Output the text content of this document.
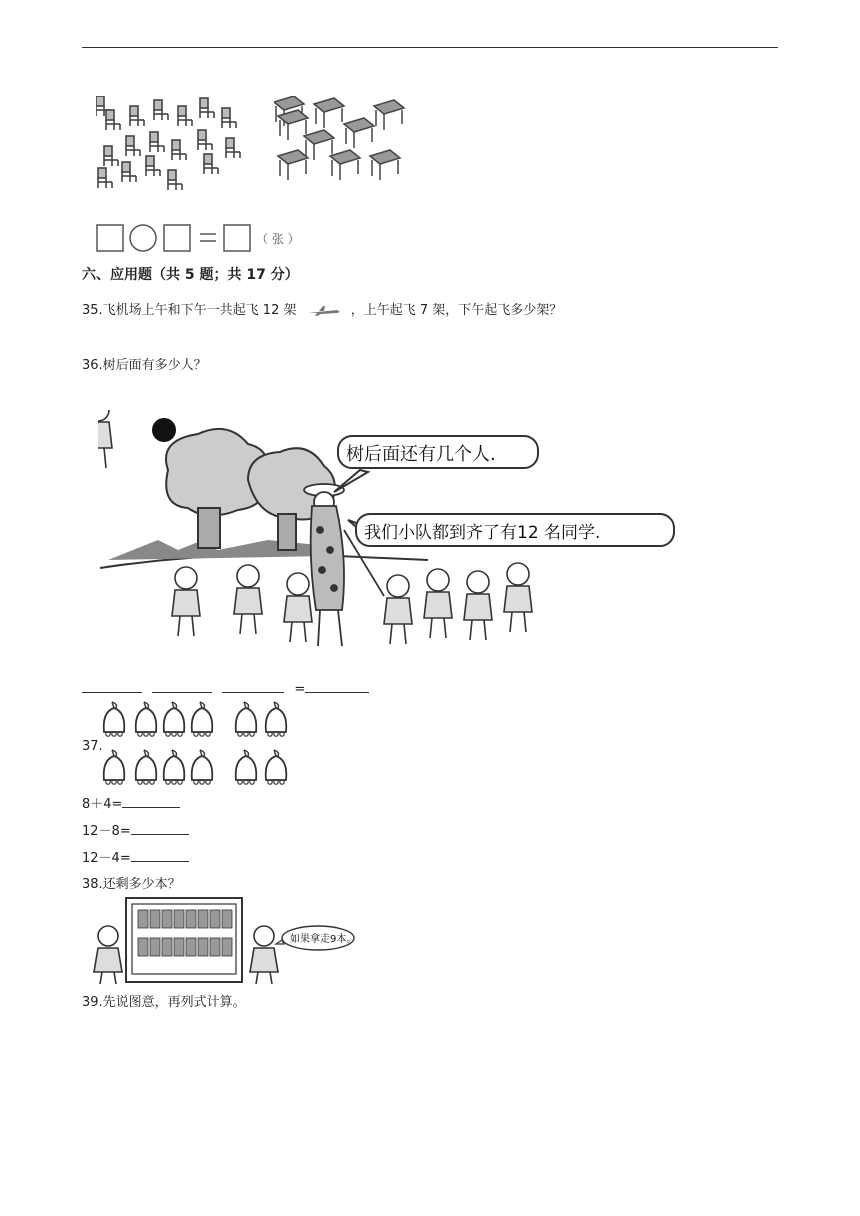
（ 张 ）
六、应用题（共 5 题；共 17 分）
35.飞机场上午和下午一共起飞 12 架	，上午起飞 7 架，下午起飞多少架？
36.树后面有多少人？
树后面还有几个人.
我们小队都到齐了有12 名同学.
=
37.
8＋4=
12－8=
12－4=
38.还剩多少本？
如果拿走9本。
39.先说图意，再列式计算。
